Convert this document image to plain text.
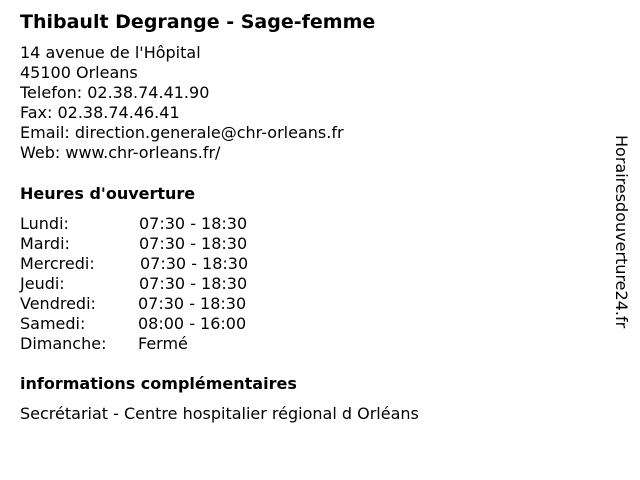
Thibault Degrange - Sage-femme
14 avenue de l'Hôpital
45100 Orleans
Telefon: 02.38.74.41.90
Fax: 02.38.74.46.41
Email: direction.generale@chr-orleans.fr
Web: www.chr-orleans.fr/
Heures d'ouverture
Lundi:	07:30 - 18:30
Mardi:	07:30 - 18:30
Mercredi:	07:30 - 18:30
Jeudi:	07:30 - 18:30
Vendredi:	07:30 - 18:30
Samedi:	08:00 - 16:00
Dimanche: Fermé
informations complémentaires
Secrétariat - Centre hospitalier régional d Orléans
Horairesdouverture24.fr
